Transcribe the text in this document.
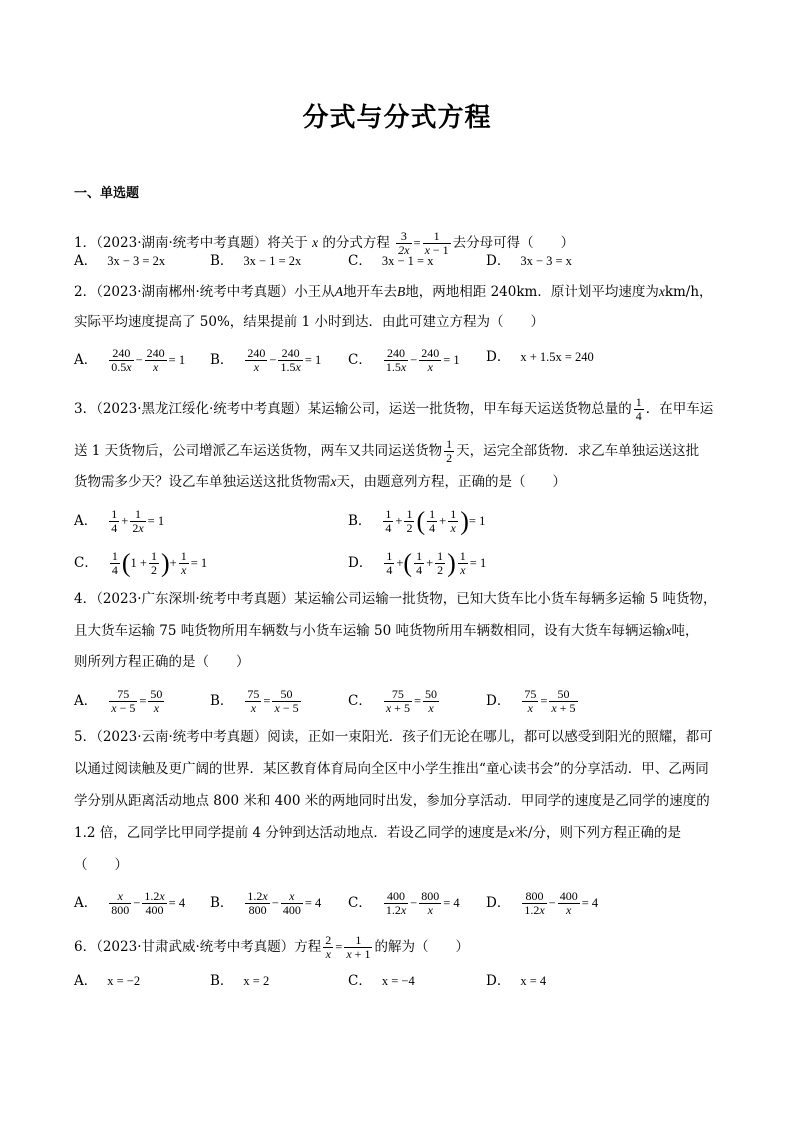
分式与分式方程
一、单选题
1．（2023·湖南·统考中考真题）将关于 x 的分式方程 $\frac{3}{2x} = \frac{1}{x - 1}$ 去分母可得（　　）
A． 3x − 3 = 2x	B． 3x − 1 = 2x	C． 3x − 1 = x	D． 3x − 3 = x
2．（2023·湖南郴州·统考中考真题）小王从A地开车去B地，两地相距 240km．原计划平均速度为xkm/h，
实际平均速度提高了 50%，结果提前 1 小时到达．由此可建立方程为（　　）
A． $\frac{240}{0.5x} - \frac{240}{x} = 1$ B． $\frac{240}{x} - \frac{240}{1.5x} = 1$ C． $\frac{240}{1.5x} - \frac{240}{x} = 1$ D． x + 1.5x = 240
3．（2023·黑龙江绥化·统考中考真题）某运输公司，运送一批货物，甲车每天运送货物总量的 $\frac{1}{4}$ ．在甲车运
送 1 天货物后，公司增派乙车运送货物，两车又共同运送货物 $\frac{1}{2}$ 天，运完全部货物．求乙车单独运送这批
货物需多少天？设乙车单独运送这批货物需x天，由题意列方程，正确的是（　　）
A． $\frac{1}{4} + \frac{1}{2x} = 1$	B． $\frac{1}{4} + \frac{1}{2}$ ( $\frac{1}{4} + \frac{1}{x}$ )= 1
C． $\frac{1}{4} (1 + \frac{1}{2}$ )+ $\frac{1}{x} = 1$	D． $\frac{1}{4}$ +( $\frac{1}{4} + \frac{1}{2}$ ) $\frac{1}{x} = 1$
4．（2023·广东深圳·统考中考真题）某运输公司运输一批货物，已知大货车比小货车每辆多运输 5 吨货物，
且大货车运输 75 吨货物所用车辆数与小货车运输 50 吨货物所用车辆数相同，设有大货车每辆运输x吨，
则所列方程正确的是（　　）
A． $\frac{75}{x - 5} = \frac{50}{x}$	B． $\frac{75}{x} = \frac{50}{x - 5}$	C． $\frac{75}{x + 5} = \frac{50}{x}$	D． $\frac{75}{x} = \frac{50}{x + 5}$
5．（2023·云南·统考中考真题）阅读，正如一束阳光．孩子们无论在哪儿，都可以感受到阳光的照耀，都可
以通过阅读触及更广阔的世界．某区教育体育局向全区中小学生推出“童心读书会”的分享活动．甲、乙两同
学分别从距离活动地点 800 米和 400 米的两地同时出发，参加分享活动．甲同学的速度是乙同学的速度的
1.2 倍，乙同学比甲同学提前 4 分钟到达活动地点．若设乙同学的速度是x米/分，则下列方程正确的是
（　　）
A． $\frac{x}{800} - \frac{1.2x}{400} = 4$ B． $\frac{1.2x}{800} - \frac{x}{400} = 4$ C． $\frac{400}{1.2x} - \frac{800}{x} = 4$ D． $\frac{800}{1.2x} - \frac{400}{x} = 4$
6．（2023·甘肃武威·统考中考真题）方程 $\frac{2}{x} = \frac{1}{x + 1}$ 的解为（　　）
A． x = −2	B． x = 2	C． x = −4	D． x = 4
